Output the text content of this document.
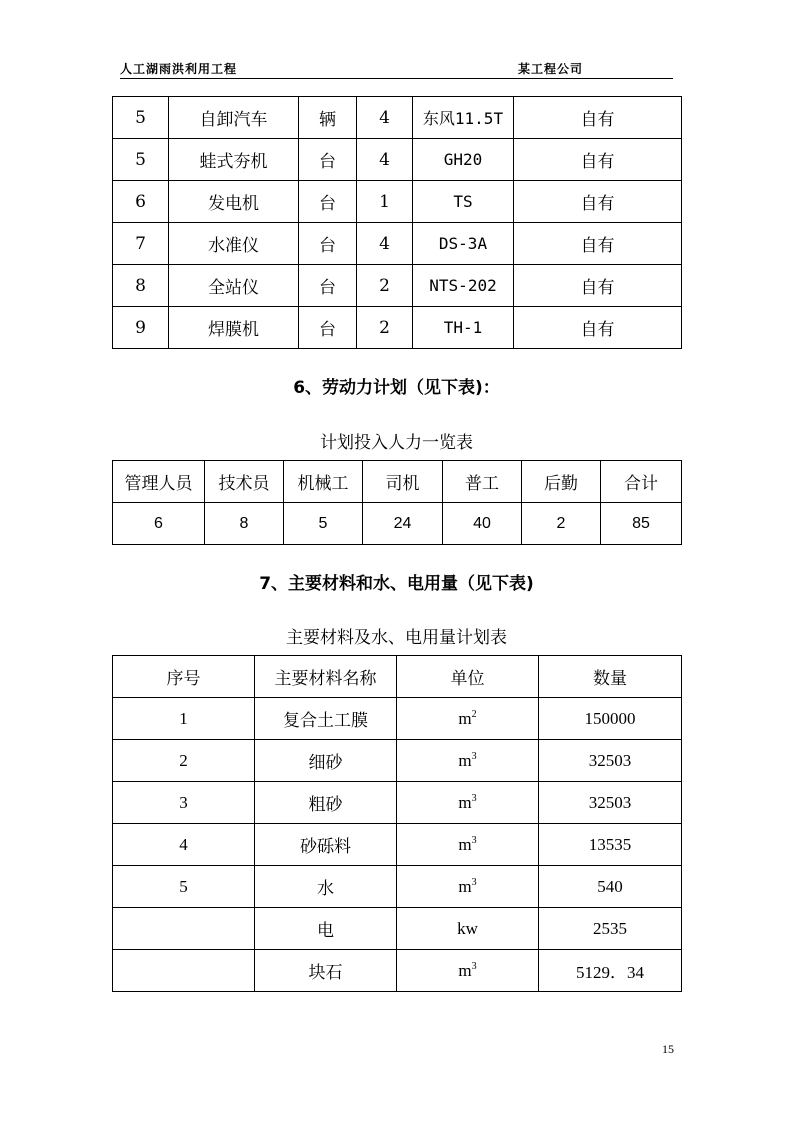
人工湖雨洪利用工程	某工程公司
5	自卸汽车	辆	4	东风11.5T	自有
5	蛙式夯机	台	4	GH20	自有
6	发电机	台	1	TS	自有
7	水准仪	台	4	DS-3A	自有
8	全站仪	台	2	NTS-202	自有
9	焊膜机	台	2	TH-1	自有
6、劳动力计划（见下表)：
计划投入人力一览表
管理人员	技术员	机械工	司机	普工	后勤	合计
6	8	5	24	40	2	85
7、主要材料和水、电用量（见下表)
主要材料及水、电用量计划表
序号	主要材料名称	单位	数量
1	复合土工膜	$m^2$	150000
2	细砂	$m^3$	32503
3	粗砂	$m^3$	32503
4	砂砾料	$m^3$	13535
5	水	$m^3$	540
	电	kw	2535
	块石	$m^3$	5129．34
15
